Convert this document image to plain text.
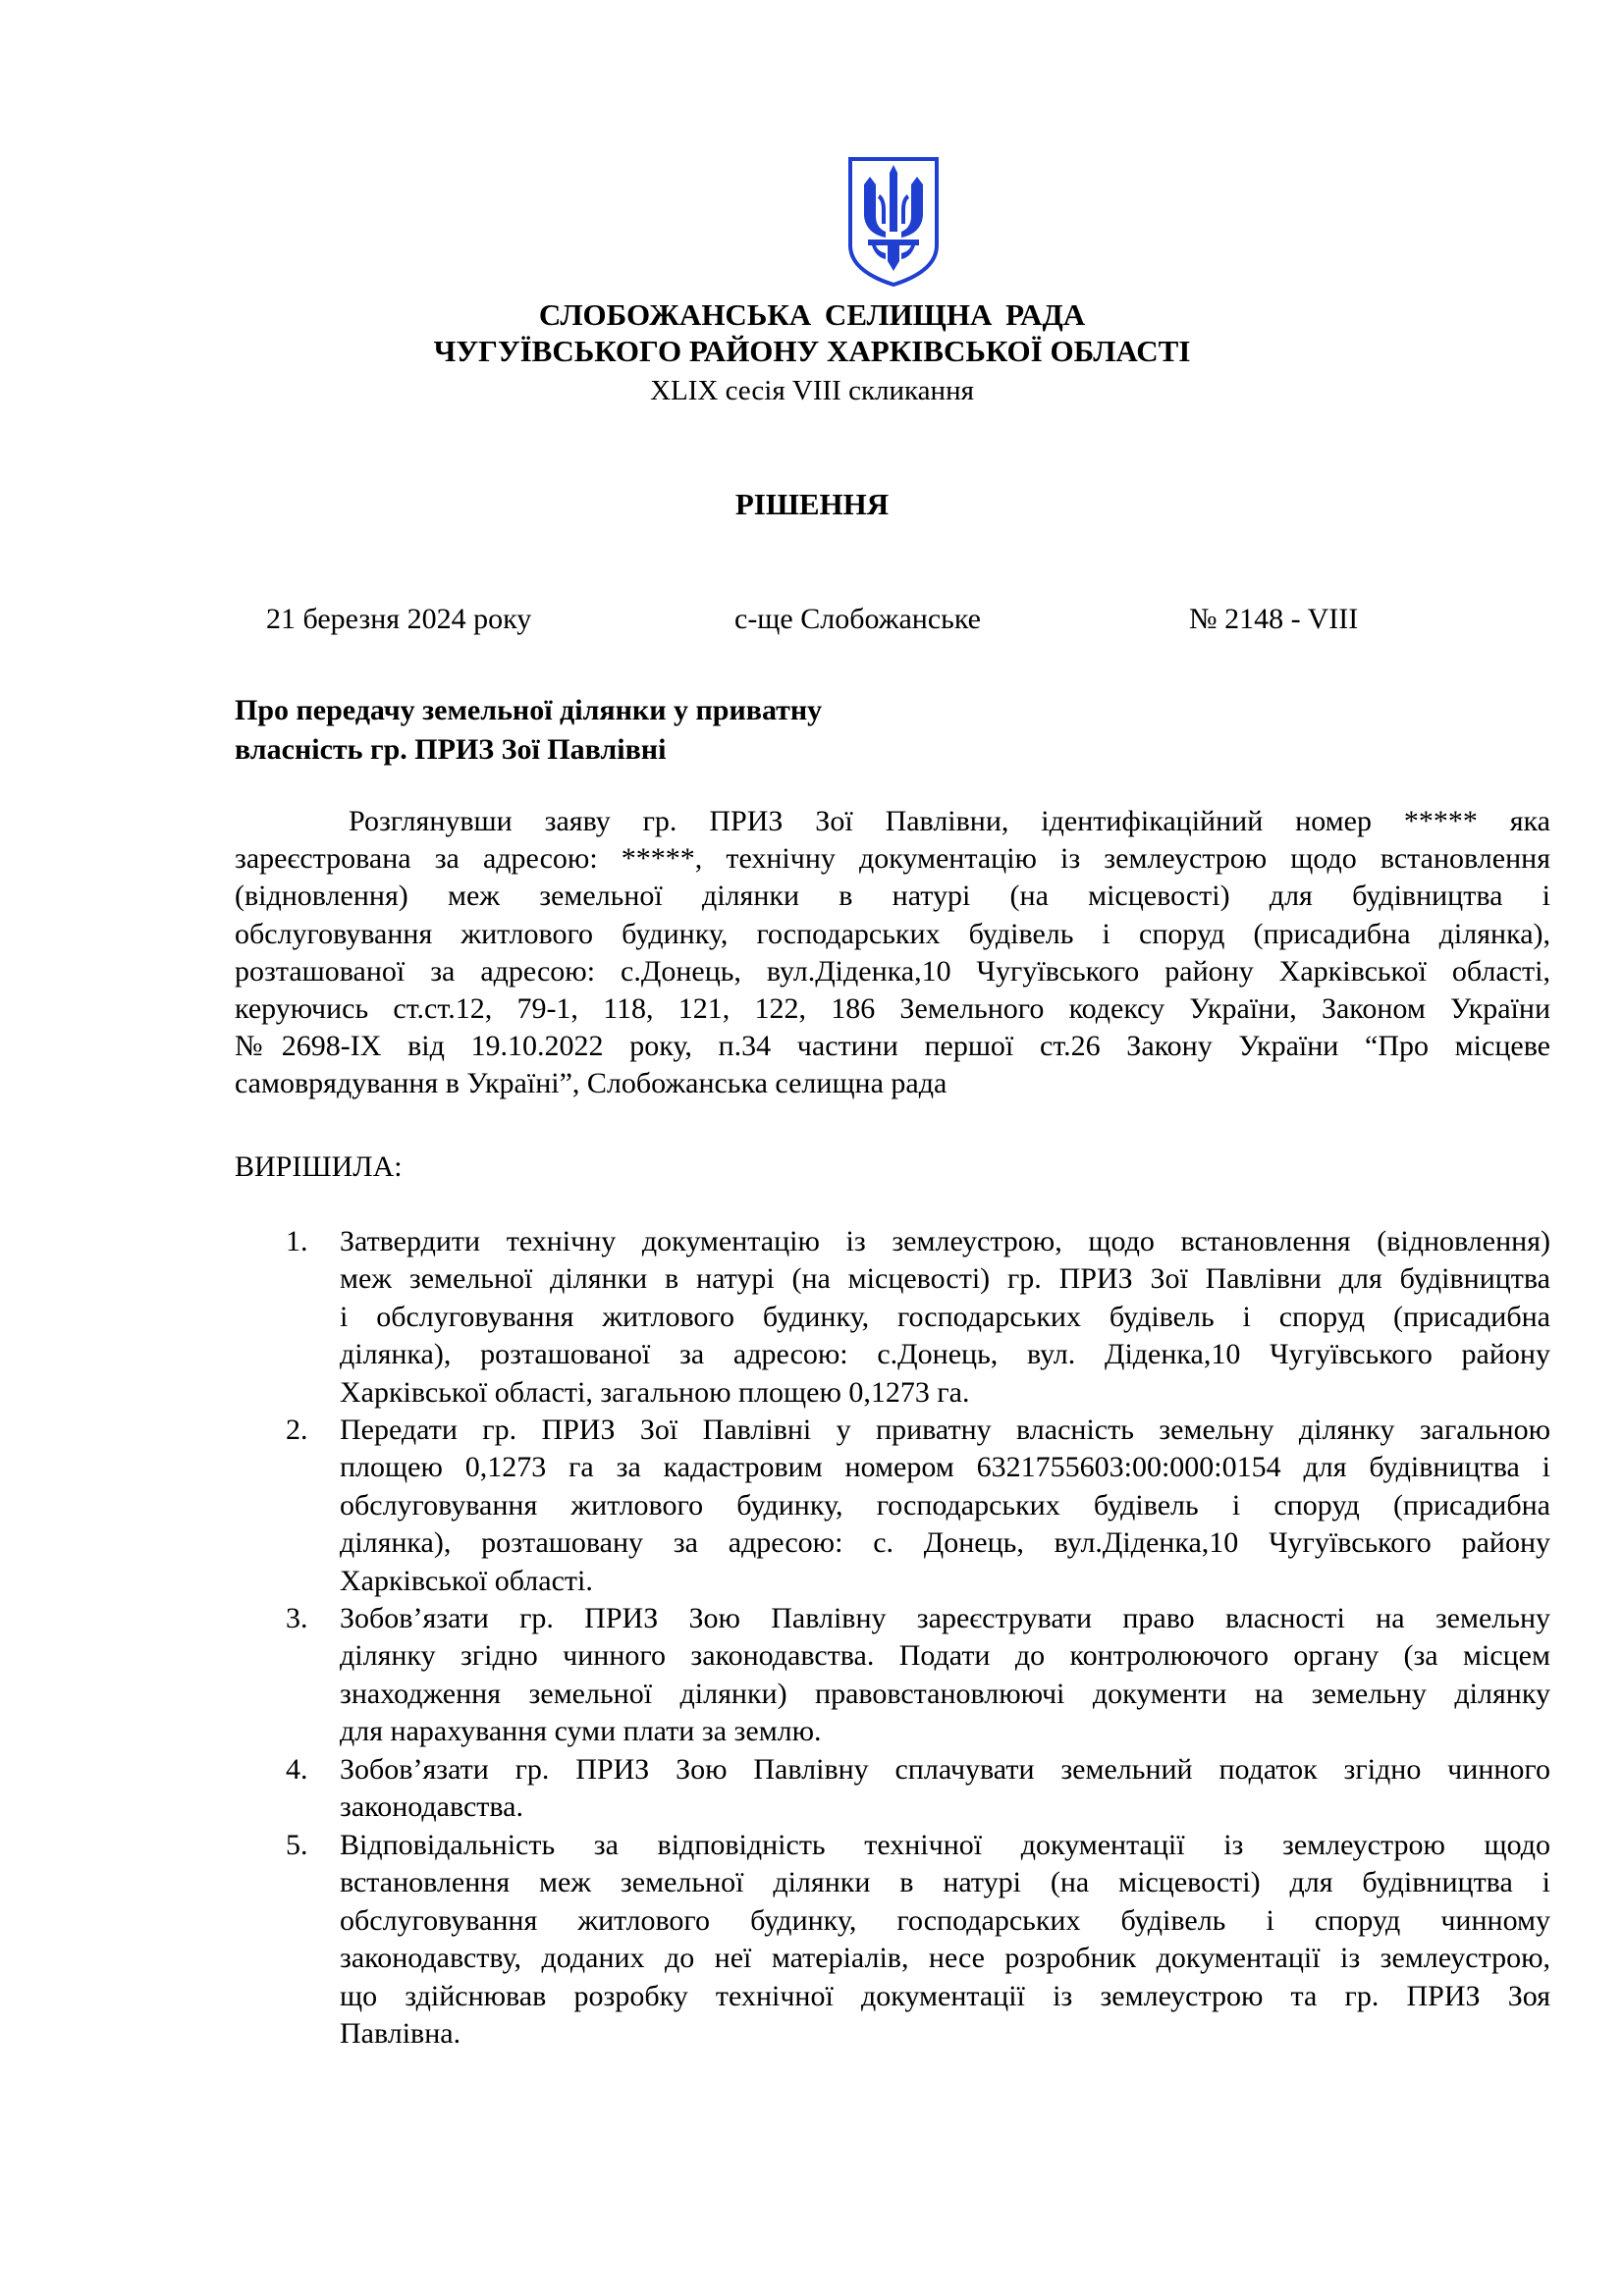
СЛОБОЖАНСЬКА СЕЛИЩНА РАДА
ЧУГУЇВСЬКОГО РАЙОНУ ХАРКІВСЬКОЇ ОБЛАСТІ
XLIX сесія VIII скликання
РІШЕННЯ
21 березня 2024 року	с-ще Слобожанське	№ 2148 - VIII
Про передачу земельної ділянки у приватну
власність гр. ПРИЗ Зої Павлівні
Розглянувши заяву гр. ПРИЗ Зої Павлівни, ідентифікаційний номер ***** яка
зареєстрована за адресою: *****, технічну документацію із землеустрою щодо встановлення
(відновлення) меж земельної ділянки в натурі (на місцевості) для будівництва і
обслуговування житлового будинку, господарських будівель і споруд (присадибна ділянка),
розташованої за адресою: с.Донець, вул.Діденка,10 Чугуївського району Харківської області,
керуючись ст.ст.12, 79-1, 118, 121, 122, 186 Земельного кодексу України, Законом України
№2698-ІХ від 19.10.2022 року, п.34 частини першої ст.26 Закону України “Про місцеве
самоврядування в Україні”, Слобожанська селищна рада
ВИРІШИЛА:
1. Затвердити технічну документацію із землеустрою, щодо встановлення (відновлення)
меж земельної ділянки в натурі (на місцевості) гр. ПРИЗ Зої Павлівни для будівництва
і обслуговування житлового будинку, господарських будівель і споруд (присадибна
ділянка), розташованої за адресою: с.Донець, вул. Діденка,10 Чугуївського району
Харківської області, загальною площею 0,1273 га.
2. Передати гр. ПРИЗ Зої Павлівні у приватну власність земельну ділянку загальною
площею 0,1273 га за кадастровим номером 6321755603:00:000:0154 для будівництва і
обслуговування житлового будинку, господарських будівель і споруд (присадибна
ділянка), розташовану за адресою: с. Донець, вул.Діденка,10 Чугуївського району
Харківської області.
3. Зобов’язати гр. ПРИЗ Зою Павлівну зареєструвати право власності на земельну
ділянку згідно чинного законодавства. Подати до контролюючого органу (за місцем
знаходження земельної ділянки) правовстановлюючі документи на земельну ділянку
для нарахування суми плати за землю.
4. Зобов’язати гр. ПРИЗ Зою Павлівну сплачувати земельний податок згідно чинного
законодавства.
5. Відповідальність за відповідність технічної документації із землеустрою щодо
встановлення меж земельної ділянки в натурі (на місцевості) для будівництва і
обслуговування житлового будинку, господарських будівель і споруд чинному
законодавству, доданих до неї матеріалів, несе розробник документації із землеустрою,
що здійснював розробку технічної документації із землеустрою та гр. ПРИЗ Зоя
Павлівна.
